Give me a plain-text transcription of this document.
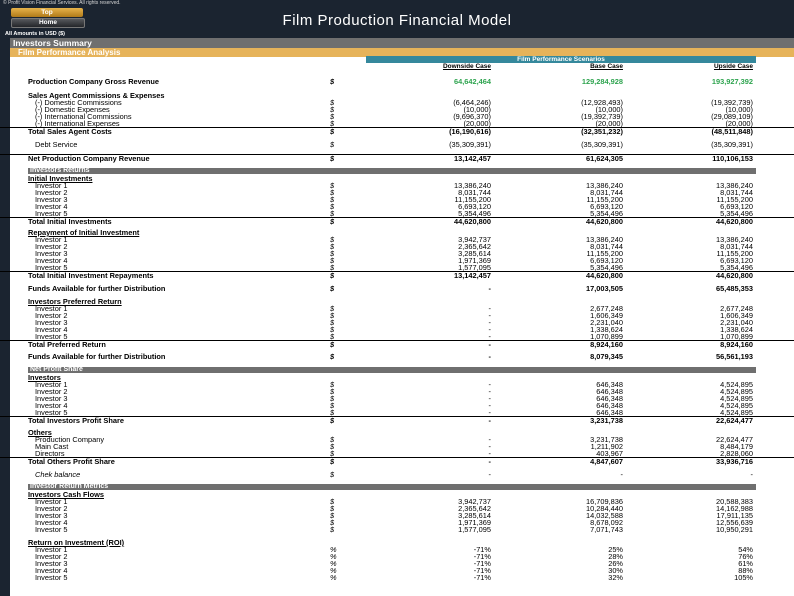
© Profit Vision Financial Services. All rights reserved.
Top
Home	Film Production Financial Model
All Amounts in USD ($)
Investors Summary
Film Performance Analysis
Film Performance Scenarios
Downside Case	Base Case	Upside Case
Production Company Gross Revenue	$	64,642,464	129,284,928	193,927,392
Sales Agent Commissions & Expenses
(-) Domestic Commissions	$	(6,464,246)	(12,928,493)	(19,392,739)
(-) Domestic Expenses	$	(10,000)	(10,000)	(10,000)
(-) International Commissions	$	(9,696,370)	(19,392,739)	(29,089,109)
(-) International Expenses	$	(20,000)	(20,000)	(20,000)
Total Sales Agent Costs	$	(16,190,616)	(32,351,232)	(48,511,848)
Debt Service	$	(35,309,391)	(35,309,391)	(35,309,391)
Net Production Company Revenue	$	13,142,457	61,624,305	110,106,153
Investors Returns
Initial Investments
Investor 1	$	13,386,240	13,386,240	13,386,240
Investor 2	$	8,031,744	8,031,744	8,031,744
Investor 3	$	11,155,200	11,155,200	11,155,200
Investor 4	$	6,693,120	6,693,120	6,693,120
Investor 5	$	5,354,496	5,354,496	5,354,496
Total Initial Investments	$	44,620,800	44,620,800	44,620,800
Repayment of Initial Investment
Investor 1	$	3,942,737	13,386,240	13,386,240
Investor 2	$	2,365,642	8,031,744	8,031,744
Investor 3	$	3,285,614	11,155,200	11,155,200
Investor 4	$	1,971,369	6,693,120	6,693,120
Investor 5	$	1,577,095	5,354,496	5,354,496
Total Initial Investment Repayments	$	13,142,457	44,620,800	44,620,800
Funds Available for further Distribution	$	-	17,003,505	65,485,353
Investors Preferred Return
Investor 1	$	-	2,677,248	2,677,248
Investor 2	$	-	1,606,349	1,606,349
Investor 3	$	-	2,231,040	2,231,040
Investor 4	$	-	1,338,624	1,338,624
Investor 5	$	-	1,070,899	1,070,899
Total Preferred Return	$	-	8,924,160	8,924,160
Funds Available for further Distribution	$	-	8,079,345	56,561,193
Net Profit Share
Investors
Investor 1	$	-	646,348	4,524,895
Investor 2	$	-	646,348	4,524,895
Investor 3	$	-	646,348	4,524,895
Investor 4	$	-	646,348	4,524,895
Investor 5	$	-	646,348	4,524,895
Total Investors Profit Share	$	-	3,231,738	22,624,477
Others
Production Company	$	-	3,231,738	22,624,477
Main Cast	$	-	1,211,902	8,484,179
Directors	$	-	403,967	2,828,060
Total Others Profit Share	$	-	4,847,607	33,936,716
Chek balance	$	-	-	-
Investor Return Metrics
Investors Cash Flows
Investor 1	$	3,942,737	16,709,836	20,588,383
Investor 2	$	2,365,642	10,284,440	14,162,988
Investor 3	$	3,285,614	14,032,588	17,911,135
Investor 4	$	1,971,369	8,678,092	12,556,639
Investor 5	$	1,577,095	7,071,743	10,950,291
Return on Investment (ROI)
Investor 1	%	-71%	25%	54%
Investor 2	%	-71%	28%	76%
Investor 3	%	-71%	26%	61%
Investor 4	%	-71%	30%	88%
Investor 5	%	-71%	32%	105%
